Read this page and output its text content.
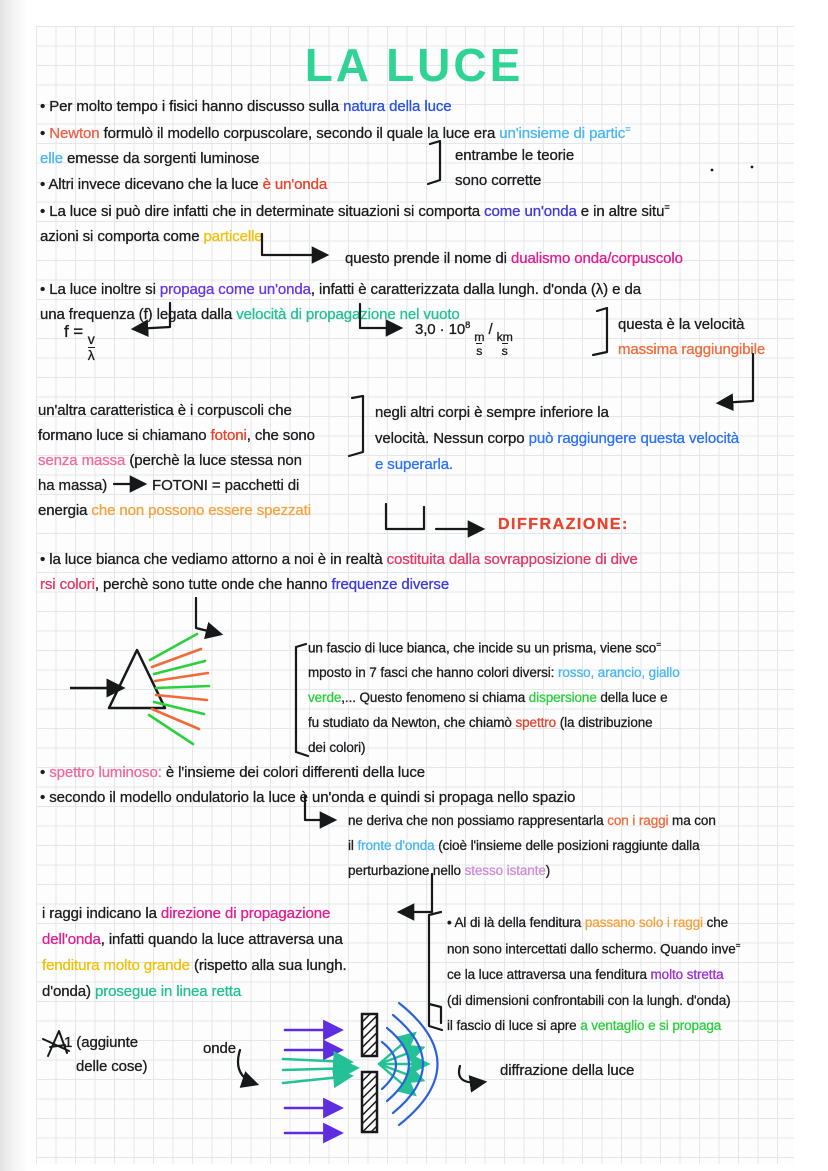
LA LUCE
• Per molto tempo i fisici hanno discusso sulla natura della luce
• Newton formulò il modello corpuscolare, secondo il quale la luce era un'insieme di partic=
elle emesse da sorgenti luminose	entrambe le teorie
• Altri invece dicevano che la luce è un'onda	sono corrette
• La luce si può dire infatti che in determinate situazioni si comporta come un'onda e in altre situ=
azioni si comporta come particelle
questo prende il nome di dualismo onda/corpuscolo
• La luce inoltre si propaga come un'onda, infatti è caratterizzata dalla lungh. d'onda (λ) e da
una frequenza (f) legata dalla velocità di propagazione nel vuoto
f =
$\frac{v}{\lambda}$
$3,0 \cdot 10^8$
$\frac{m}{s}$
/
$\frac{km}{s}$
questa è la velocità
massima raggiungibile
un'altra caratteristica è i corpuscoli che
formano luce si chiamano fotoni, che sono
senza massa (perchè la luce stessa non
ha massa)	FOTONI = pacchetti di
energia che non possono essere spezzati
negli altri corpi è sempre inferiore la
velocità. Nessun corpo può raggiungere questa velocità
e superarla.
DIFFRAZIONE:
• la luce bianca che vediamo attorno a noi è in realtà costituita dalla sovrapposizione di dive
rsi colori, perchè sono tutte onde che hanno frequenze diverse
un fascio di luce bianca, che incide su un prisma, viene sco=
mposto in 7 fasci che hanno colori diversi: rosso, arancio, giallo
verde,... Questo fenomeno si chiama dispersione della luce e
fu studiato da Newton, che chiamò spettro (la distribuzione
dei colori)
• spettro luminoso: è l'insieme dei colori differenti della luce
• secondo il modello ondulatorio la luce è un'onda e quindi si propaga nello spazio
ne deriva che non possiamo rappresentarla con i raggi ma con
il fronte d'onda (cioè l'insieme delle posizioni raggiunte dalla
perturbazione nello stesso istante)
i raggi indicano la direzione di propagazione
dell'onda, infatti quando la luce attraversa una
fenditura molto grande (rispetto alla sua lungh.
d'onda) prosegue in linea retta
• Al di là della fenditura passano solo i raggi che
non sono intercettati dallo schermo. Quando inve=
ce la luce attraversa una fenditura molto stretta
(di dimensioni confrontabili con la lungh. d'onda)
il fascio di luce si apre a ventaglio e si propaga
1 (aggiunte
delle cose)
onde
diffrazione della luce
